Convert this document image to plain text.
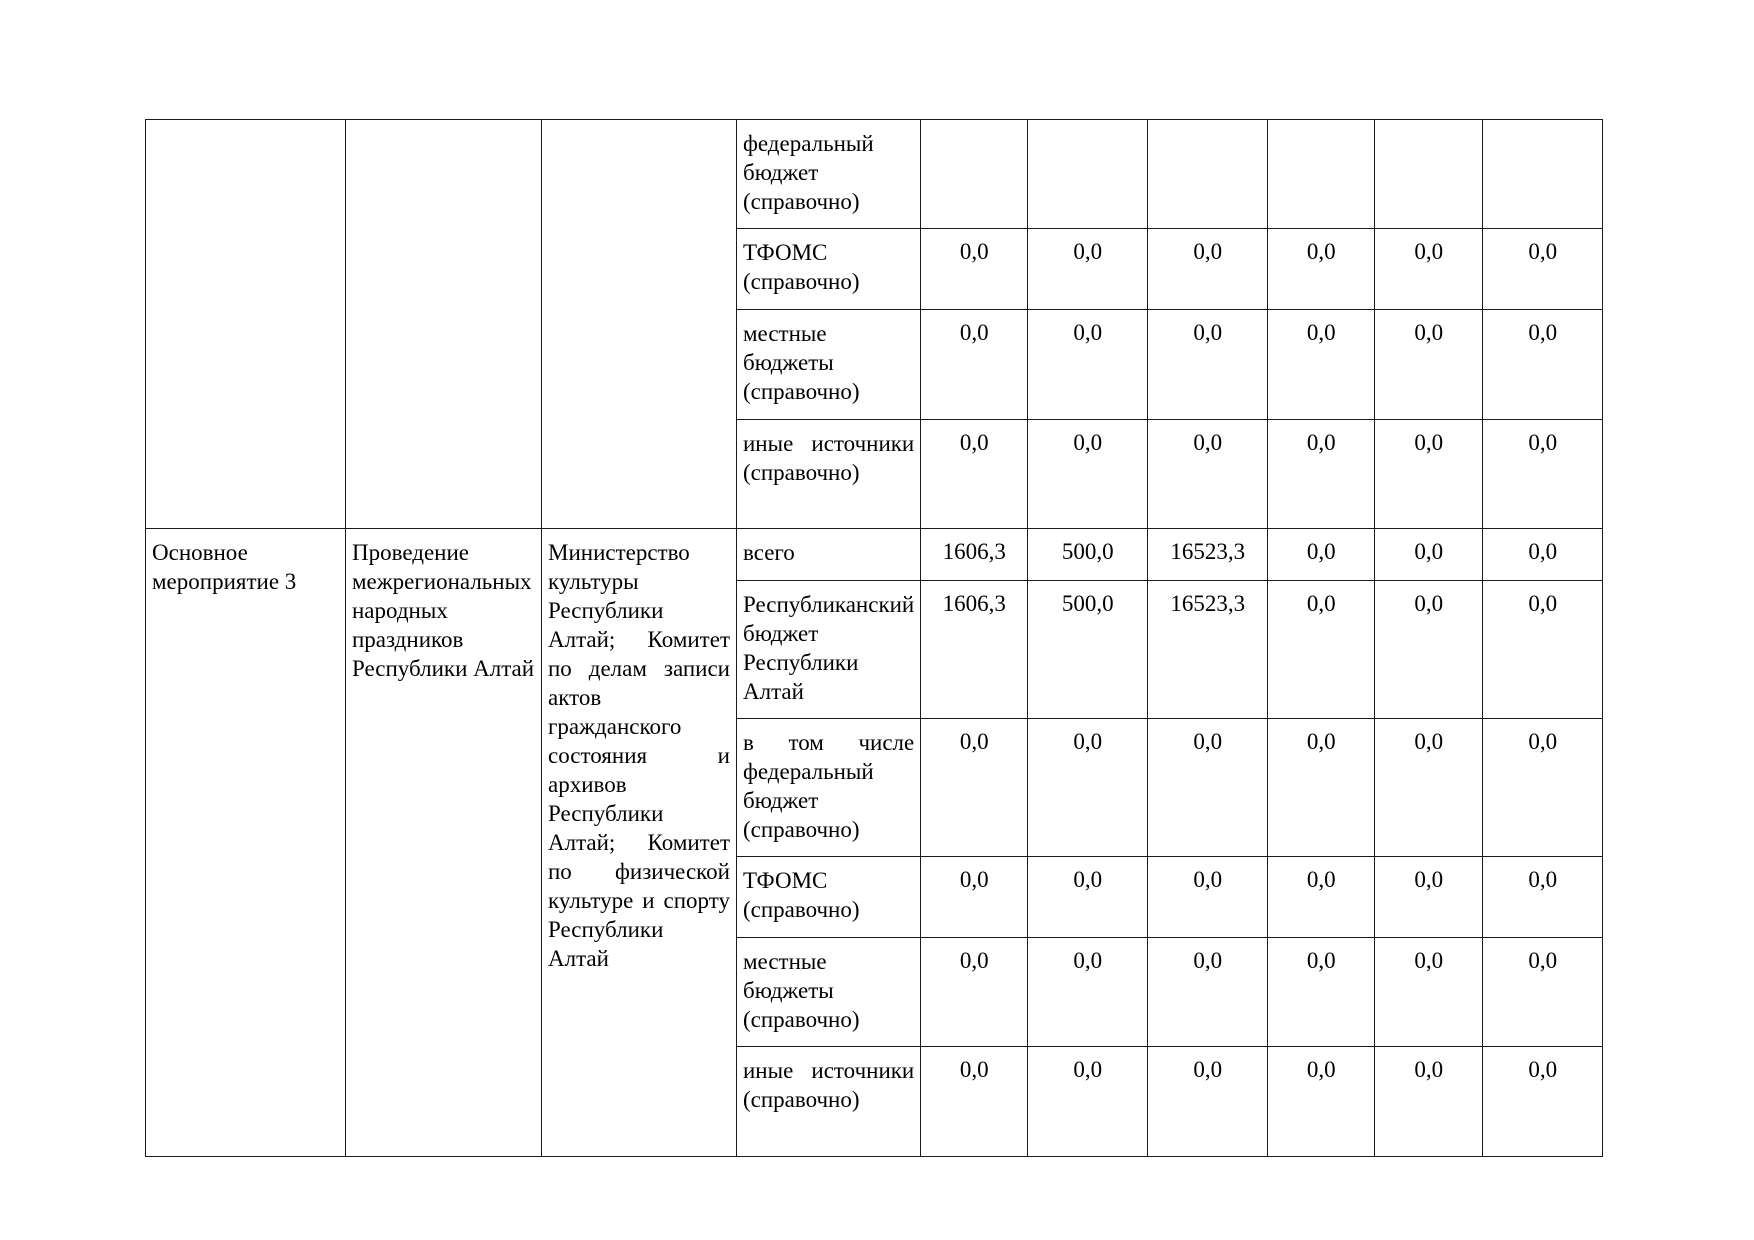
			федеральный бюджет (справочно)						

			ТФОМС (справочно)	0,0	0,0	0,0	0,0	0,0	0,0

			местные бюджеты (справочно)	0,0	0,0	0,0	0,0	0,0	0,0

			иные источники (справочно)	0,0	0,0	0,0	0,0	0,0	0,0

Основное мероприятие 3	Проведение межрегиональных народных праздников Республики Алтай	Министерство культуры Республики Алтай; Комитет по делам записи актов гражданского состояния и архивов Республики Алтай; Комитет по физической культуре и спорту Республики Алтай	всего	1606,3	500,0	16523,3	0,0	0,0	0,0

			Республиканский бюджет Республики Алтай	1606,3	500,0	16523,3	0,0	0,0	0,0

			в том числе федеральный бюджет (справочно)	0,0	0,0	0,0	0,0	0,0	0,0

			ТФОМС (справочно)	0,0	0,0	0,0	0,0	0,0	0,0

			местные бюджеты (справочно)	0,0	0,0	0,0	0,0	0,0	0,0

			иные источники (справочно)	0,0	0,0	0,0	0,0	0,0	0,0
